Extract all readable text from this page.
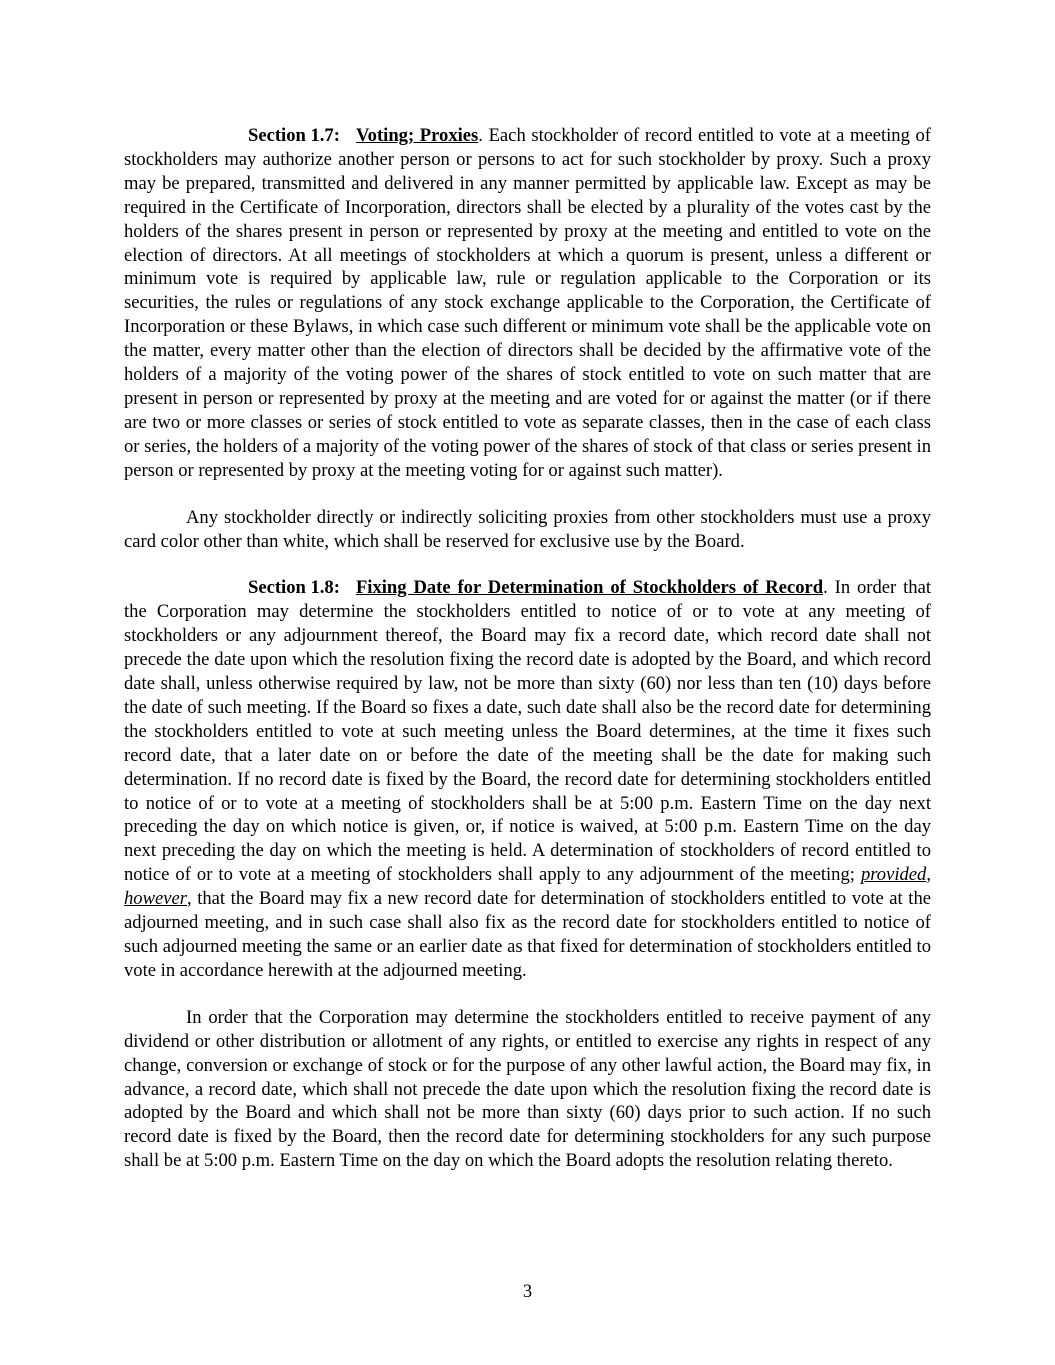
Section 1.7: Voting; Proxies. Each stockholder of record entitled to vote at a meeting of stockholders may authorize another person or persons to act for such stockholder by proxy. Such a proxy may be prepared, transmitted and delivered in any manner permitted by applicable law. Except as may be required in the Certificate of Incorporation, directors shall be elected by a plurality of the votes cast by the holders of the shares present in person or represented by proxy at the meeting and entitled to vote on the election of directors. At all meetings of stockholders at which a quorum is present, unless a different or minimum vote is required by applicable law, rule or regulation applicable to the Corporation or its securities, the rules or regulations of any stock exchange applicable to the Corporation, the Certificate of Incorporation or these Bylaws, in which case such different or minimum vote shall be the applicable vote on the matter, every matter other than the election of directors shall be decided by the affirmative vote of the holders of a majority of the voting power of the shares of stock entitled to vote on such matter that are present in person or represented by proxy at the meeting and are voted for or against the matter (or if there are two or more classes or series of stock entitled to vote as separate classes, then in the case of each class or series, the holders of a majority of the voting power of the shares of stock of that class or series present in person or represented by proxy at the meeting voting for or against such matter).

Any stockholder directly or indirectly soliciting proxies from other stockholders must use a proxy card color other than white, which shall be reserved for exclusive use by the Board.

Section 1.8: Fixing Date for Determination of Stockholders of Record. In order that the Corporation may determine the stockholders entitled to notice of or to vote at any meeting of stockholders or any adjournment thereof, the Board may fix a record date, which record date shall not precede the date upon which the resolution fixing the record date is adopted by the Board, and which record date shall, unless otherwise required by law, not be more than sixty (60) nor less than ten (10) days before the date of such meeting. If the Board so fixes a date, such date shall also be the record date for determining the stockholders entitled to vote at such meeting unless the Board determines, at the time it fixes such record date, that a later date on or before the date of the meeting shall be the date for making such determination. If no record date is fixed by the Board, the record date for determining stockholders entitled to notice of or to vote at a meeting of stockholders shall be at 5:00 p.m. Eastern Time on the day next preceding the day on which notice is given, or, if notice is waived, at 5:00 p.m. Eastern Time on the day next preceding the day on which the meeting is held. A determination of stockholders of record entitled to notice of or to vote at a meeting of stockholders shall apply to any adjournment of the meeting; provided, however, that the Board may fix a new record date for determination of stockholders entitled to vote at the adjourned meeting, and in such case shall also fix as the record date for stockholders entitled to notice of such adjourned meeting the same or an earlier date as that fixed for determination of stockholders entitled to vote in accordance herewith at the adjourned meeting.

In order that the Corporation may determine the stockholders entitled to receive payment of any dividend or other distribution or allotment of any rights, or entitled to exercise any rights in respect of any change, conversion or exchange of stock or for the purpose of any other lawful action, the Board may fix, in advance, a record date, which shall not precede the date upon which the resolution fixing the record date is adopted by the Board and which shall not be more than sixty (60) days prior to such action. If no such record date is fixed by the Board, then the record date for determining stockholders for any such purpose shall be at 5:00 p.m. Eastern Time on the day on which the Board adopts the resolution relating thereto.

3
